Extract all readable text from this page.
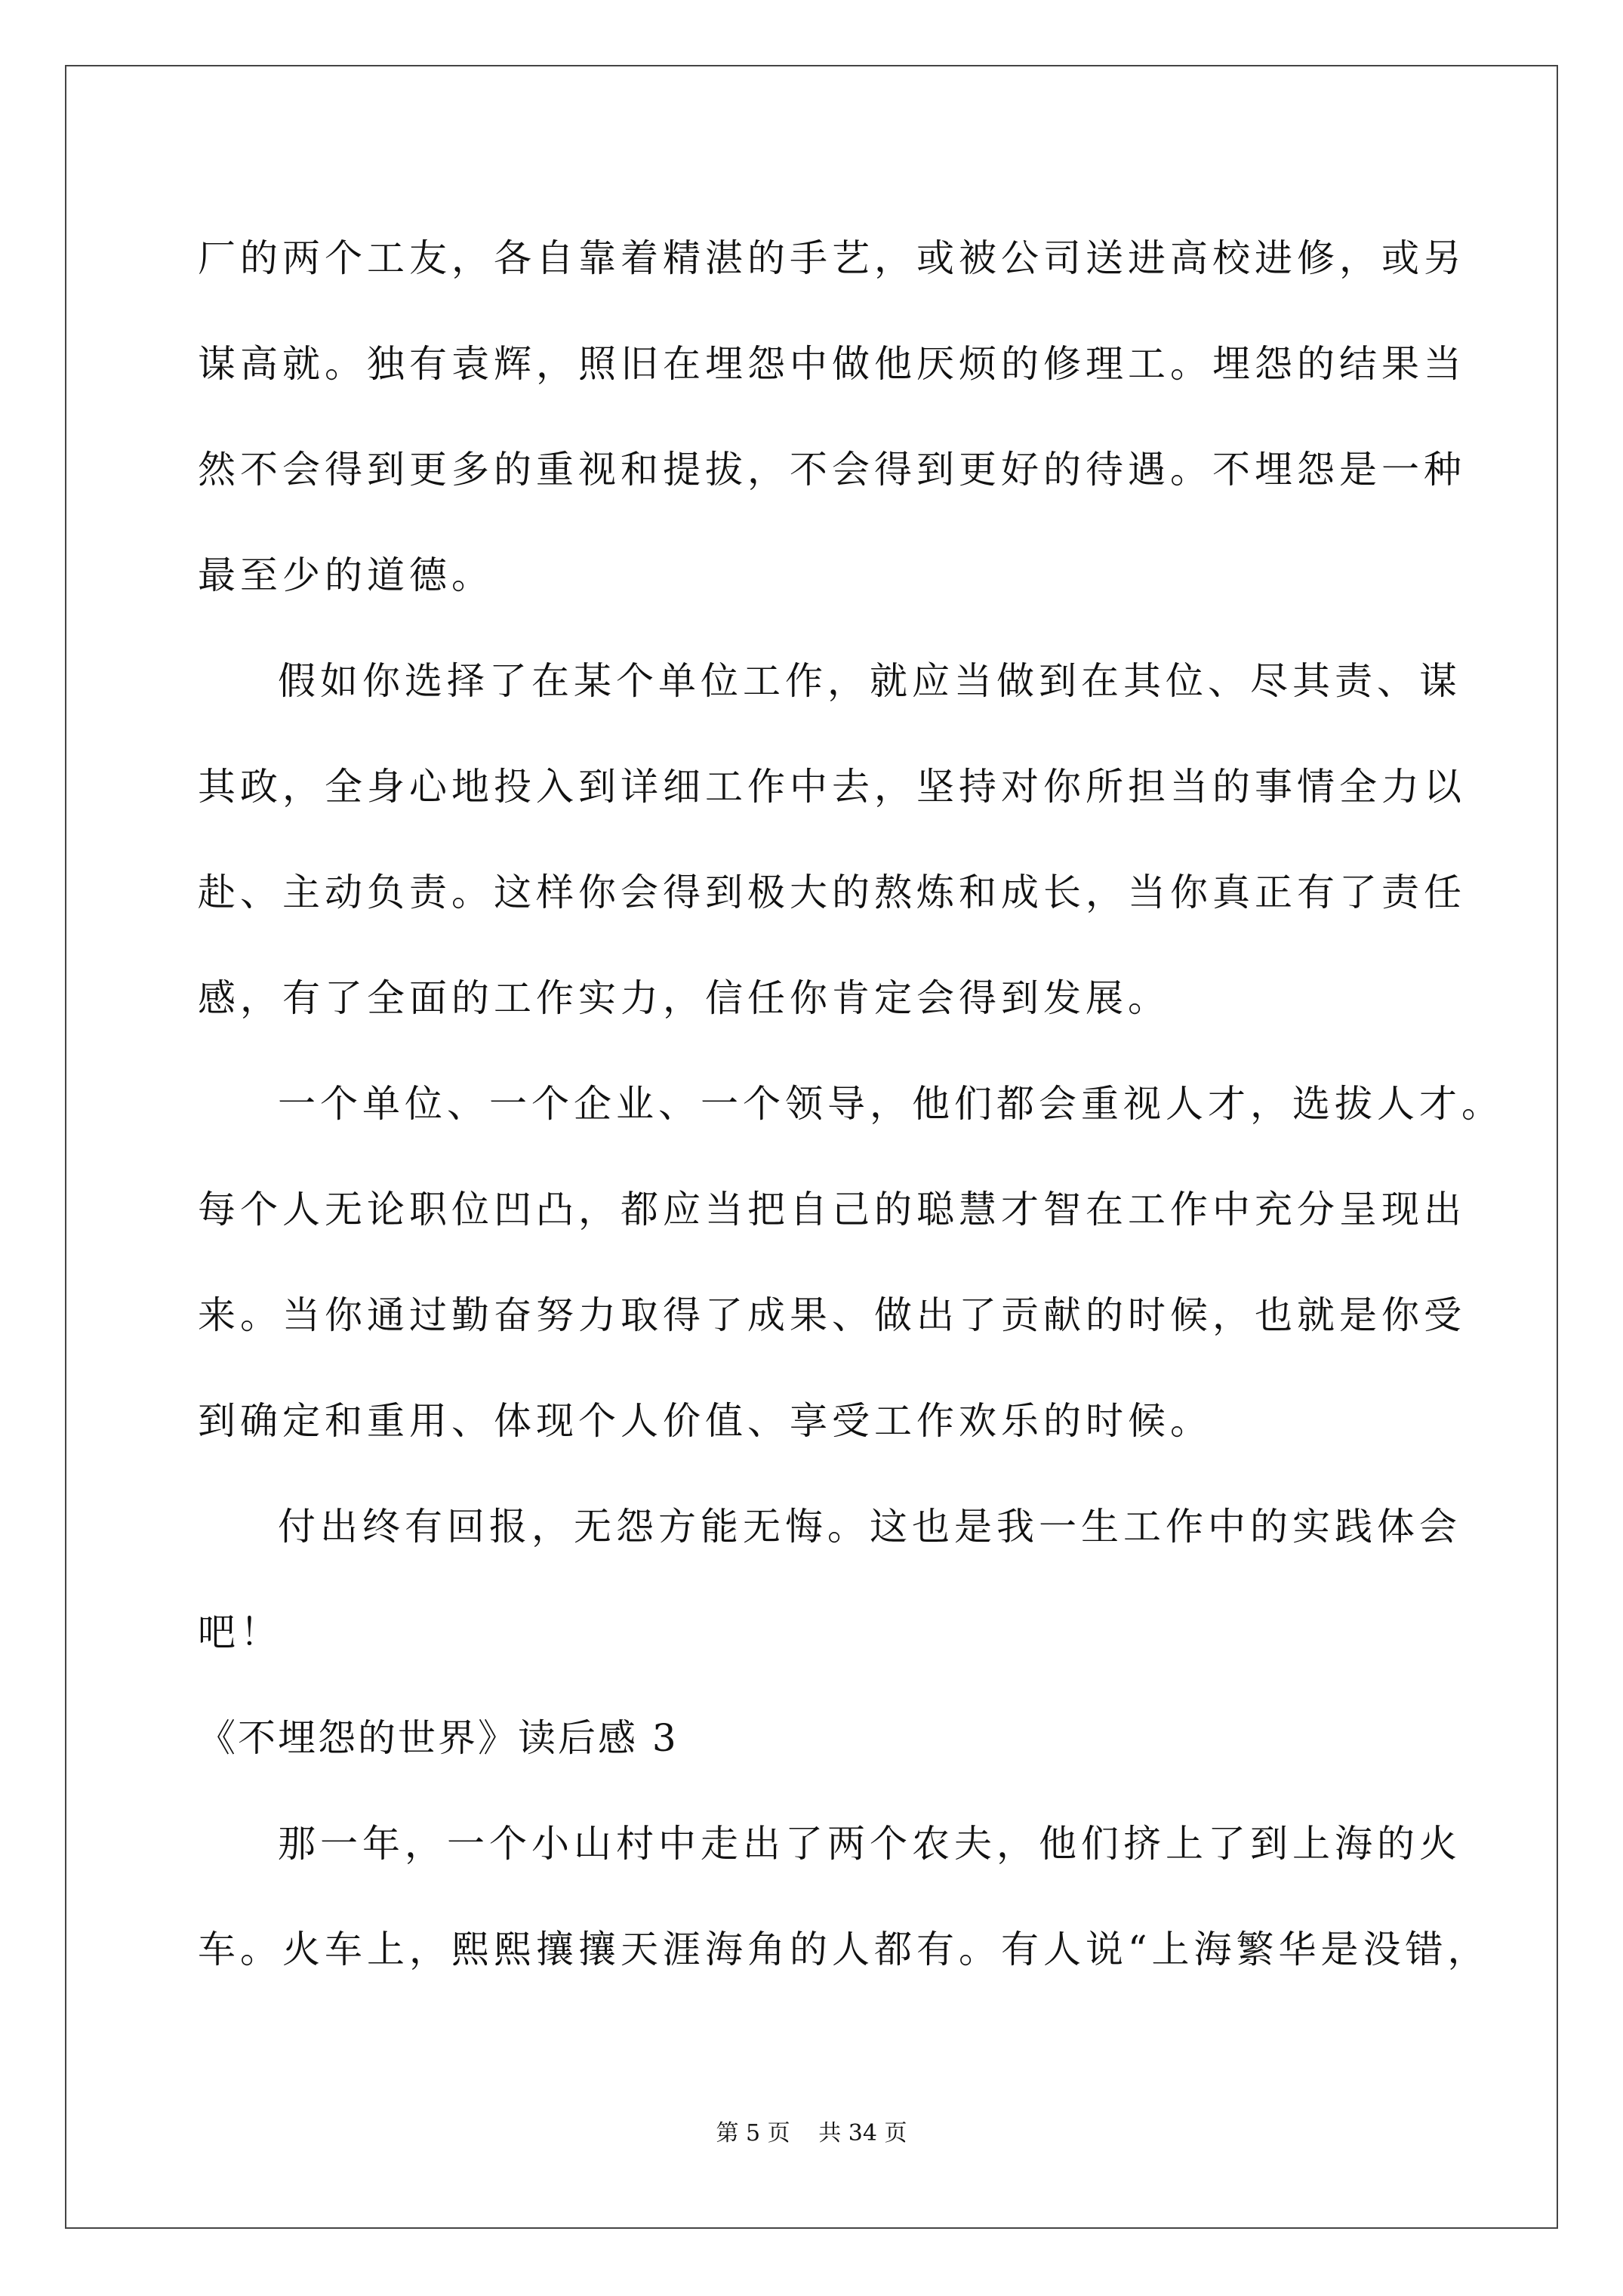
厂的两个工友，各自靠着精湛的手艺，或被公司送进高校进修，或另
谋高就。独有袁辉，照旧在埋怨中做他厌烦的修理工。埋怨的结果当
然不会得到更多的重视和提拔，不会得到更好的待遇。不埋怨是一种
最至少的道德。
假如你选择了在某个单位工作，就应当做到在其位、尽其责、谋
其政，全身心地投入到详细工作中去，坚持对你所担当的事情全力以
赴、主动负责。这样你会得到极大的熬炼和成长，当你真正有了责任
感，有了全面的工作实力，信任你肯定会得到发展。
一个单位、一个企业、一个领导，他们都会重视人才，选拔人才。
每个人无论职位凹凸，都应当把自己的聪慧才智在工作中充分呈现出
来。当你通过勤奋努力取得了成果、做出了贡献的时候，也就是你受
到确定和重用、体现个人价值、享受工作欢乐的时候。
付出终有回报，无怨方能无悔。这也是我一生工作中的实践体会
吧！
《不埋怨的世界》读后感 3
那一年，一个小山村中走出了两个农夫，他们挤上了到上海的火
车。火车上，熙熙攘攘天涯海角的人都有。有人说“上海繁华是没错，
第 5 页 共 34 页
